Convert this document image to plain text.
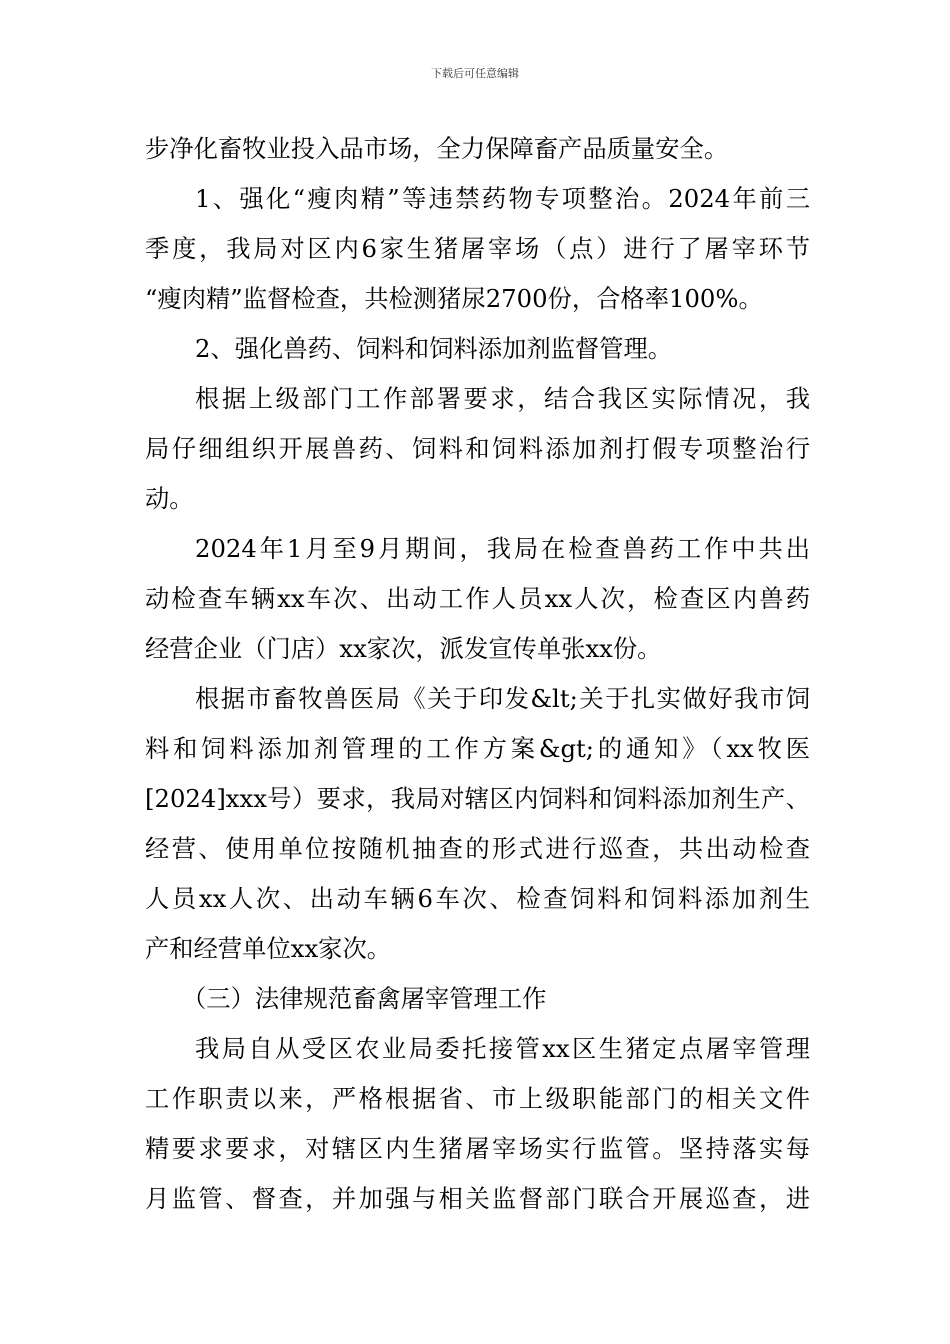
下载后可任意编辑
步净化畜牧业投入品市场，全力保障畜产品质量安全。
1、强化“瘦肉精”等违禁药物专项整治。2024年前三
季度，我局对区内6家生猪屠宰场（点）进行了屠宰环节
“瘦肉精”监督检查，共检测猪尿2700份，合格率100%。
2、强化兽药、饲料和饲料添加剂监督管理。
根据上级部门工作部署要求，结合我区实际情况，我
局仔细组织开展兽药、饲料和饲料添加剂打假专项整治行
动。
2024年1月至9月期间，我局在检查兽药工作中共出
动检查车辆xx车次、出动工作人员xx人次，检查区内兽药
经营企业（门店）xx家次，派发宣传单张xx份。
根据市畜牧兽医局《关于印发&lt;关于扎实做好我市饲
料和饲料添加剂管理的工作方案&gt;的通知》（xx牧医
[2024]xxx号）要求，我局对辖区内饲料和饲料添加剂生产、
经营、使用单位按随机抽查的形式进行巡查，共出动检查
人员xx人次、出动车辆6车次、检查饲料和饲料添加剂生
产和经营单位xx家次。
（三）法律规范畜禽屠宰管理工作
我局自从受区农业局委托接管xx区生猪定点屠宰管理
工作职责以来，严格根据省、市上级职能部门的相关文件
精要求要求，对辖区内生猪屠宰场实行监管。坚持落实每
月监管、督查，并加强与相关监督部门联合开展巡查，进
